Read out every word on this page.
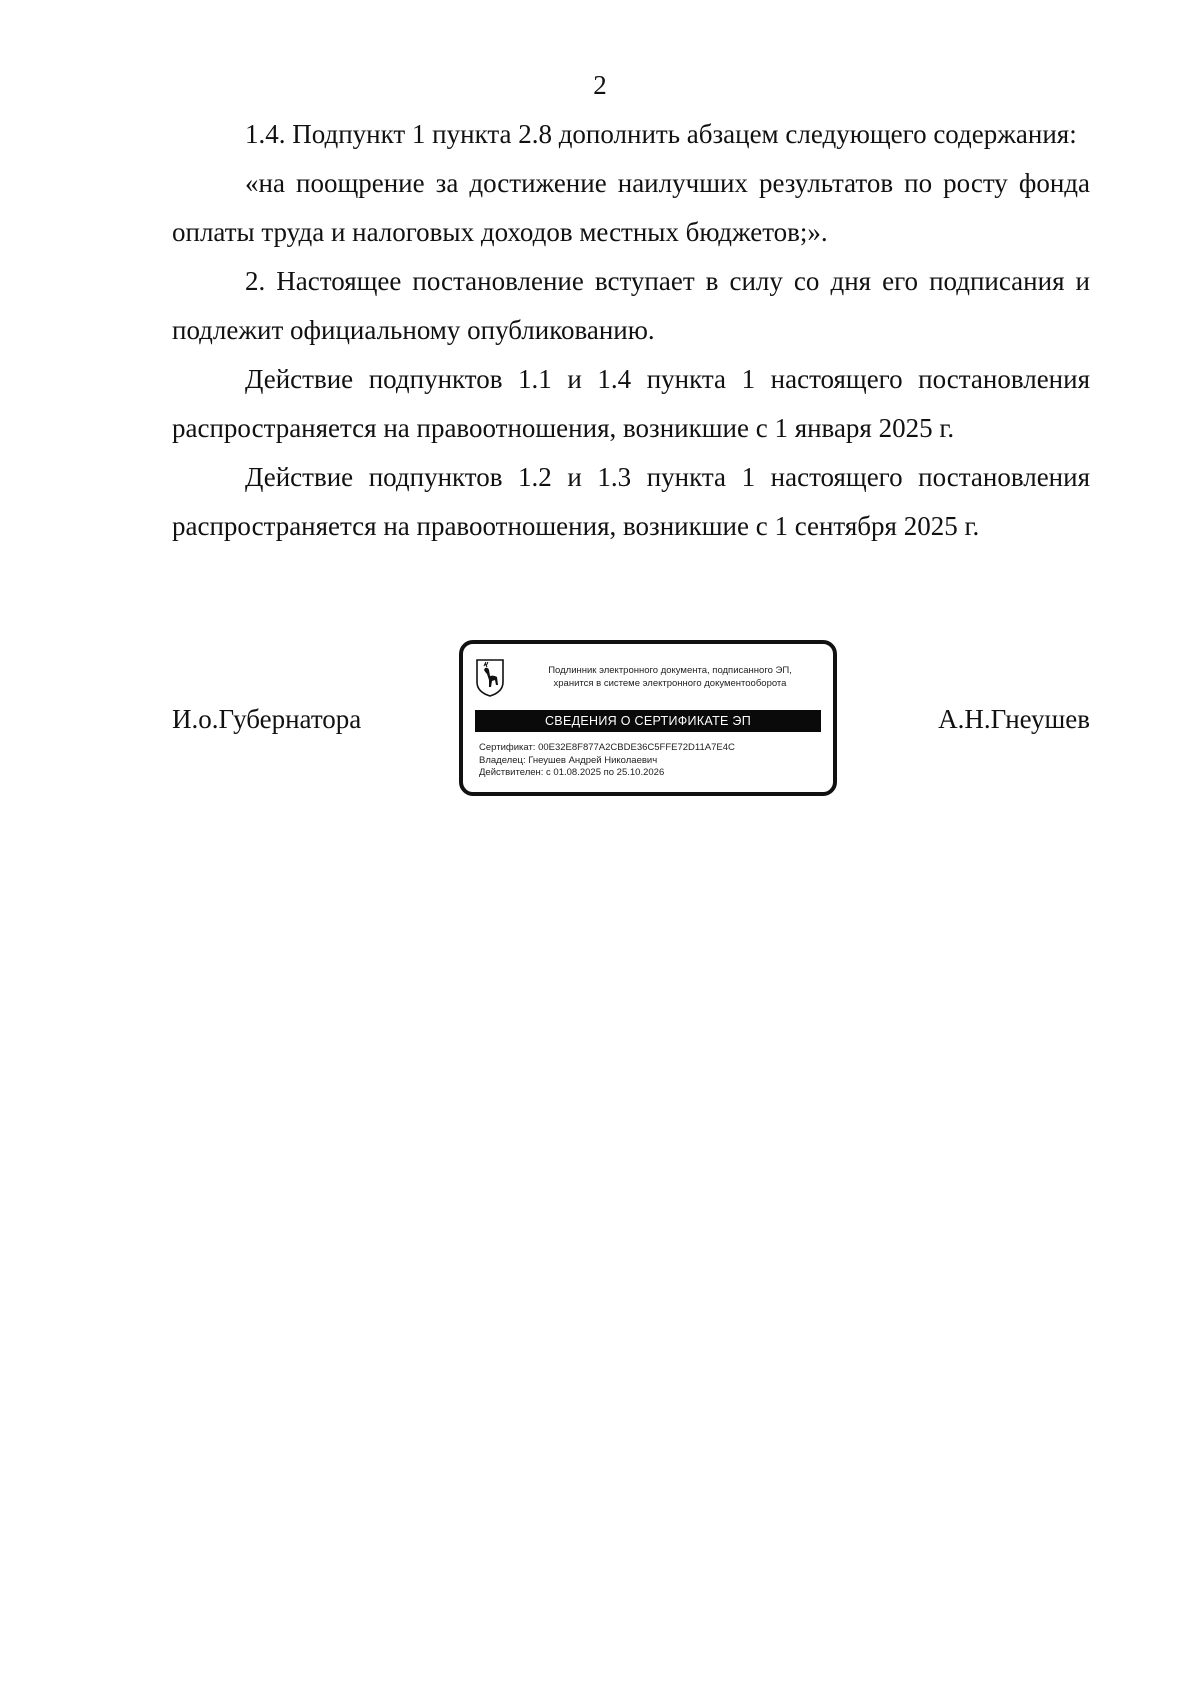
2

1.4. Подпункт 1 пункта 2.8 дополнить абзацем следующего содержания:

«на поощрение за достижение наилучших результатов по росту фонда оплаты труда и налоговых доходов местных бюджетов;».

2. Настоящее постановление вступает в силу со дня его подписания и подлежит официальному опубликованию.

Действие подпунктов 1.1 и 1.4 пункта 1 настоящего постановления распространяется на правоотношения, возникшие с 1 января 2025 г.

Действие подпунктов 1.2 и 1.3 пункта 1 настоящего постановления распространяется на правоотношения, возникшие с 1 сентября 2025 г.

И.о.Губернатора
Подлинник электронного документа, подписанного ЭП,
хранится в системе электронного документооборота
СВЕДЕНИЯ О СЕРТИФИКАТЕ ЭП
Сертификат: 00E32E8F877A2CBDE36C5FFE72D11A7E4C
Владелец: Гнеушев Андрей Николаевич
Действителен: с 01.08.2025 по 25.10.2026
А.Н.Гнеушев
